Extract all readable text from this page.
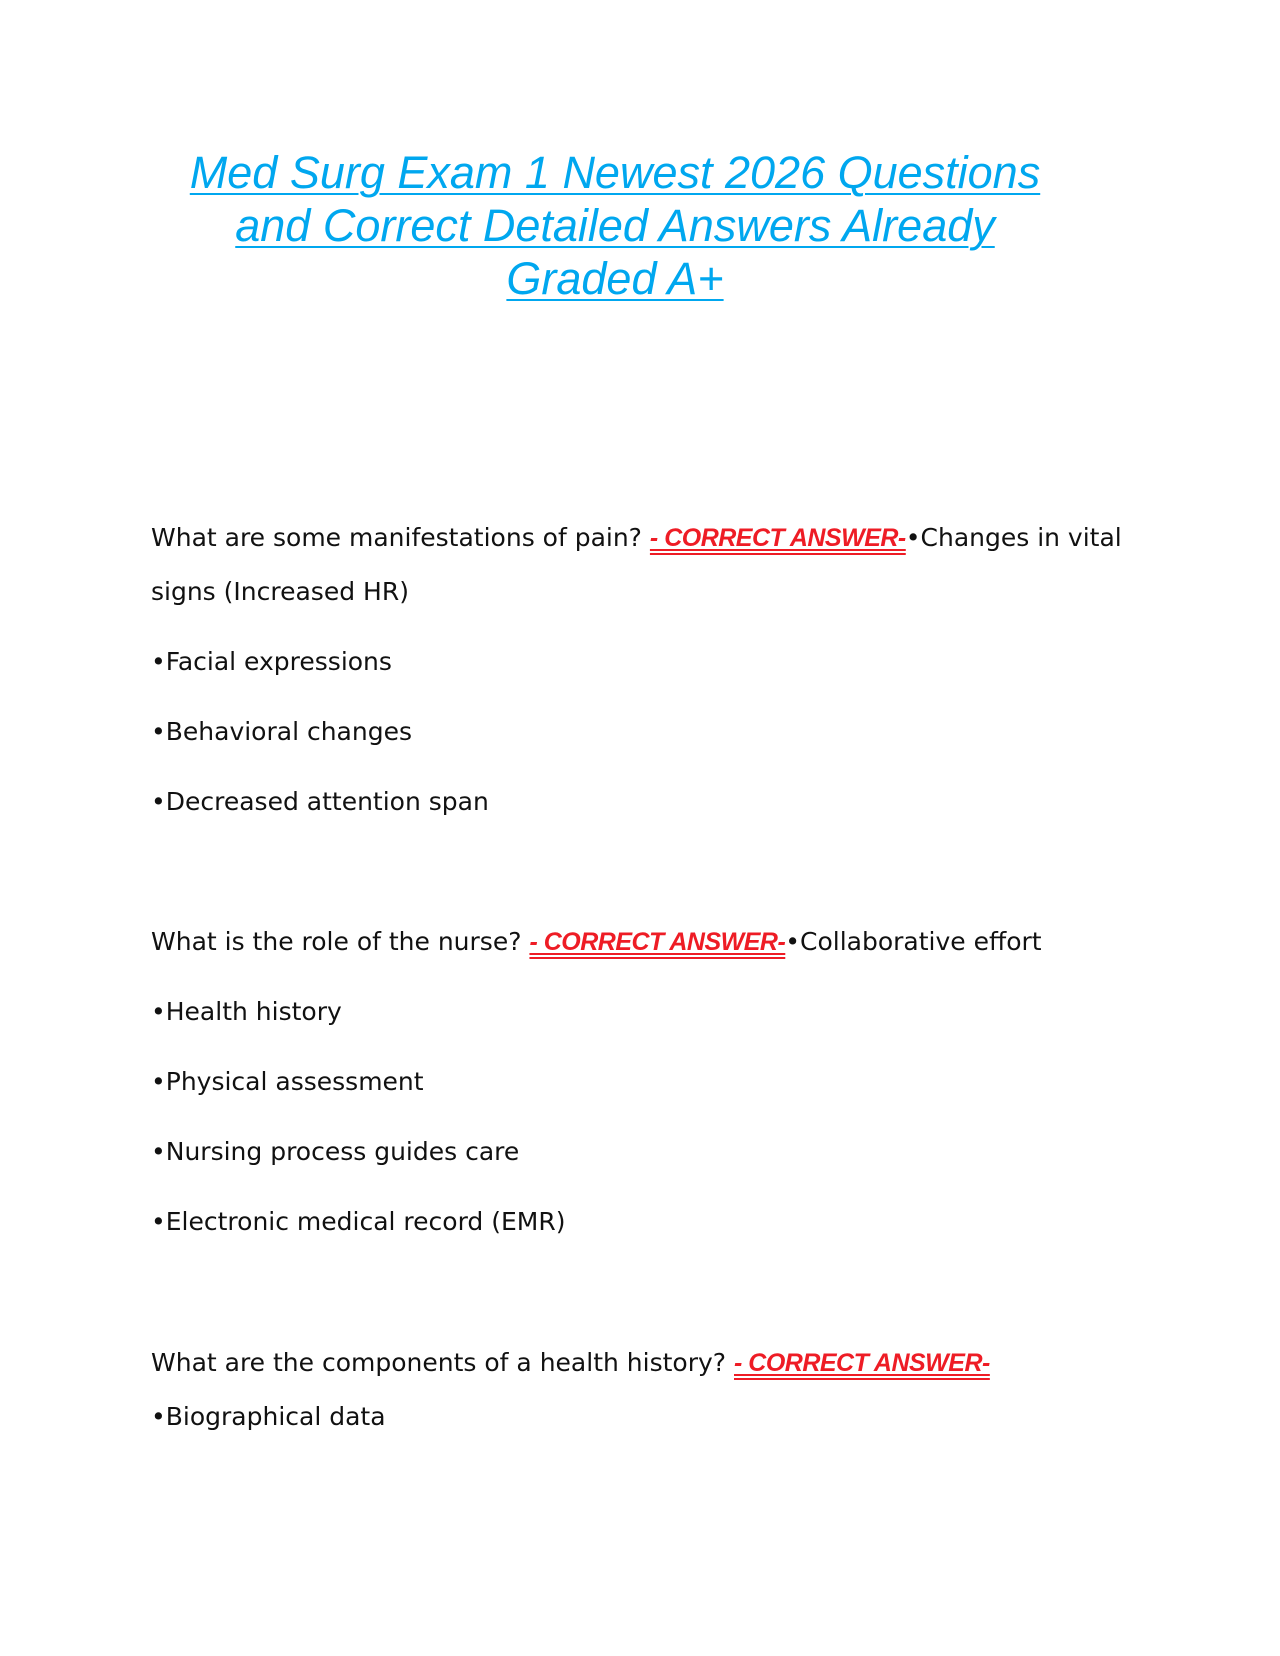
Med Surg Exam 1 Newest 2026 Questions
and Correct Detailed Answers Already
Graded A+
What are some manifestations of pain? - CORRECT ANSWER-•Changes in vital
signs (Increased HR)
•Facial expressions
•Behavioral changes
•Decreased attention span
What is the role of the nurse? - CORRECT ANSWER-•Collaborative effort
•Health history
•Physical assessment
•Nursing process guides care
•Electronic medical record (EMR)
What are the components of a health history? - CORRECT ANSWER-
•Biographical data
